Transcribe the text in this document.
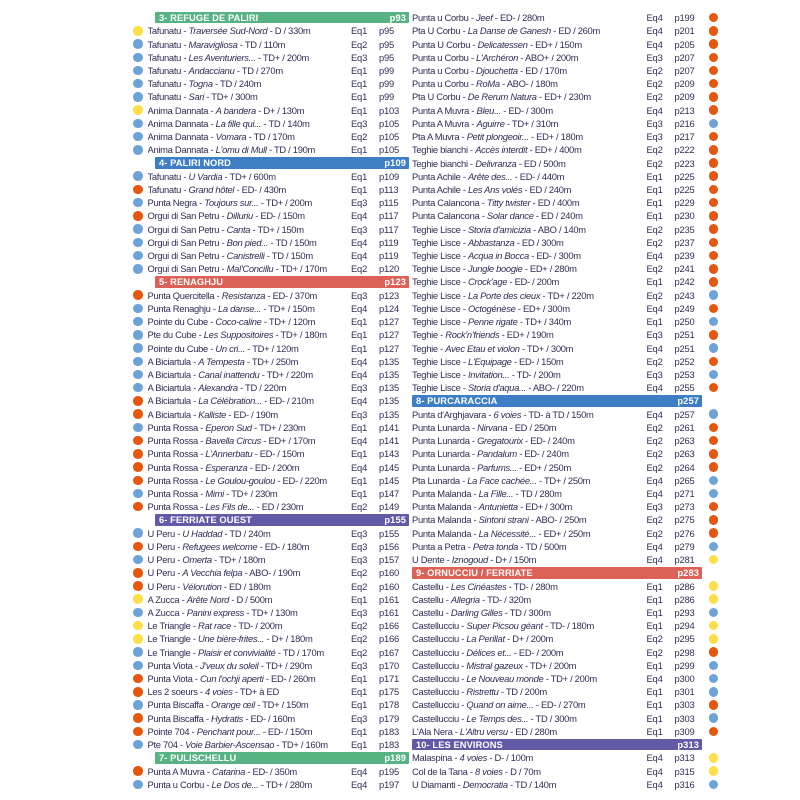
3- REFUGE DE PALIRI	p93
Tafunatu - Traversée Sud-Nord - D / 330m	Eq1	p95
Tafunatu - Maravigliosa - TD / 110m	Eq2	p95
Tafunatu - Les Aventuriers... - TD+ / 200m	Eq3	p95
Tafunatu - Andaccianu - TD / 270m	Eq1	p99
Tafunatu - Togna - TD / 240m	Eq1	p99
Tafunatu - Sari - TD+ / 300m	Eq1	p99
Anima Dannata - A bandera - D+ / 130m	Eq1	p103
Anima Dannata - La fille qui... - TD / 140m	Eq3	p105
Anima Dannata - Vomara - TD / 170m	Eq2	p105
Anima Dannata - L'omu di Mull - TD / 190m	Eq1	p105
4- PALIRI NORD	p109
Tafunatu - U Vardia - TD+ / 600m	Eq1	p109
Tafunatu - Grand hôtel - ED- / 430m	Eq1	p113
Punta Negra - Toujours sur... - TD+ / 200m	Eq3	p115
Orgui di San Petru - Dilluriu - ED- / 150m	Eq4	p117
Orgui di San Petru - Canta - TD+ / 150m	Eq3	p117
Orgui di San Petru - Bon pied... - TD / 150m	Eq4	p119
Orgui di San Petru - Canistrelli - TD / 150m	Eq4	p119
Orgui di San Petru - Mal'Concillu - TD+ / 170m	Eq2	p120
5- RENAGHJU	p123
Punta Quercitella - Resistanza - ED- / 370m	Eq3	p123
Punta Renaghju - La danse... - TD+ / 150m	Eq4	p124
Pointe du Cube - Coco-caline - TD+ / 120m	Eq1	p127
Pte du Cube - Les Suppositoires - TD+ / 180m	Eq1	p127
Pointe du Cube - Un cri... - TD+ / 120m	Eq1	p127
A Biciartula - A Tempesta - TD+ / 250m	Eq4	p135
A Biciartula - Canal inattendu - TD+ / 220m	Eq4	p135
A Biciartula - Alexandra - TD / 220m	Eq3	p135
A Biciartula - La Célébration... - ED- / 210m	Eq4	p135
A Biciartula - Kalliste - ED- / 190m	Eq3	p135
Punta Rossa - Eperon Sud - TD+ / 230m	Eq1	p141
Punta Rossa - Bavella Circus - ED+ / 170m	Eq4	p141
Punta Rossa - L'Annerbatu - ED- / 150m	Eq1	p143
Punta Rossa - Esperanza - ED- / 200m	Eq4	p145
Punta Rossa - Le Goulou-goulou - ED- / 220m	Eq1	p145
Punta Rossa - Mimi - TD+ / 230m	Eq1	p147
Punta Rossa - Les Fils de... - ED / 230m	Eq2	p149
6- FERRIATE OUEST	p155
U Peru - U Haddad - TD / 240m	Eq3	p155
U Peru - Refugees welcome - ED- / 180m	Eq3	p156
U Peru - Omerta - TD+ / 180m	Eq3	p157
U Peru - A Vecchia felpa - ABO- / 190m	Eq2	p160
U Peru - Vélorution - ED / 180m	Eq2	p160
A Zucca - Arête Nord - D / 500m	Eq1	p161
A Zucca - Panini express - TD+ / 130m	Eq3	p161
Le Triangle - Rat race - TD- / 200m	Eq2	p166
Le Triangle - Une bière-frites... - D+ / 180m	Eq2	p166
Le Triangle - Plaisir et convivialité - TD / 170m	Eq2	p167
Punta Viota - J'veux du soleil - TD+ / 290m	Eq3	p170
Punta Viota - Cun l'ochji aperti - ED- / 260m	Eq1	p171
Les 2 soeurs - 4 voies - TD+ à ED	Eq1	p175
Punta Biscaffa - Orange œil - TD+ / 150m	Eq1	p178
Punta Biscaffa - Hydratis - ED- / 160m	Eq3	p179
Pointe 704 - Penchant pour... - ED- / 150m	Eq1	p183
Pte 704 - Voie Barbier-Ascensao - TD+ / 160m	Eq1	p183
7- PULISCHELLU	p189
Punta A Muvra - Catarina - ED- / 350m	Eq4	p195
Punta u Corbu - Le Dos de... - TD+ / 280m	Eq4	p197
Punta u Corbu - Jeef - ED- / 280m	Eq4	p199
Pta U Corbu - La Danse de Ganesh - ED / 260m	Eq4	p201
Punta U Corbu - Delicatessen - ED+ / 150m	Eq4	p205
Punta u Corbu - L'Archéron - ABO+ / 200m	Eq3	p207
Punta u Corbu - Djouchetta - ED / 170m	Eq2	p207
Punta u Corbu - RoMa - ABO- / 180m	Eq2	p209
Pta U Corbu - De Rerum Natura - ED+ / 230m	Eq2	p209
Punta A Muvra - Bleu... - ED- / 300m	Eq4	p213
Punta A Muvra - Aguirre - TD+ / 310m	Eq3	p216
Pta A Muvra - Petit plongeoir... - ED+ / 180m	Eq3	p217
Teghie bianchi - Accès interdit - ED+ / 400m	Eq2	p222
Teghie bianchi - Delivranza - ED / 500m	Eq2	p223
Punta Achile - Arête des... - ED- / 440m	Eq1	p225
Punta Achile - Les Ans volés - ED / 240m	Eq1	p225
Punta Calancona - Titty twister - ED / 400m	Eq1	p229
Punta Calancona - Solar dance - ED / 240m	Eq1	p230
Teghie Lisce - Storia d'amicizia - ABO / 140m	Eq2	p235
Teghie Lisce - Abbastanza - ED / 300m	Eq2	p237
Teghie Lisce - Acqua in Bocca - ED- / 300m	Eq4	p239
Teghie Lisce - Jungle boogie - ED+ / 280m	Eq2	p241
Teghie Lisce - Crock'age - ED- / 200m	Eq1	p242
Teghie Lisce - La Porte des cieux - TD+ / 220m	Eq2	p243
Teghie Lisce - Octogénèse - ED+ / 300m	Eq4	p249
Teghie Lisce - Penne rigate - TD+ / 340m	Eq1	p250
Teghie - Rock'n'friends - ED+ / 190m	Eq3	p251
Teghie - Avec Etau et violon - TD+ / 300m	Eq4	p251
Teghie Lisce - L'Equipage - ED- / 150m	Eq2	p252
Teghie Lisce - Invitation... - TD- / 200m	Eq3	p253
Teghie Lisce - Storia d'aqua... - ABO- / 220m	Eq4	p255
8- PURCARACCIA	p257
Punta d'Arghjavara - 6 voies - TD- à TD / 150m	Eq4	p257
Punta Lunarda - Nirvana - ED / 250m	Eq2	p261
Punta Lunarda - Gregatourix - ED- / 240m	Eq2	p263
Punta Lunarda - Pandalum - ED- / 240m	Eq2	p263
Punta Lunarda - Parfums... - ED+ / 250m	Eq2	p264
Pta Lunarda - La Face cachée... - TD+ / 250m	Eq4	p265
Punta Malanda - La Fille... - TD / 280m	Eq4	p271
Punta Malanda - Antunietta - ED+ / 300m	Eq3	p273
Punta Malanda - Sintoni strani - ABO- / 250m	Eq2	p275
Punta Malanda - La Nécessité... - ED+ / 250m	Eq2	p276
Punta a Petra - Petra tonda - TD / 500m	Eq4	p279
U Dente - Iznogoud - D+ / 150m	Eq4	p281
9- ORNUCCIU / FERRIATE	p283
Castellu - Les Cinéastes - TD- / 280m	Eq1	p286
Castellu - Allegria - TD- / 320m	Eq1	p286
Castellu - Darling Gilles - TD / 300m	Eq1	p293
Castellucciu - Super Picsou géant - TD- / 180m	Eq1	p294
Castellucciu - La Perillat - D+ / 200m	Eq2	p295
Castellucciu - Délices et... - ED- / 200m	Eq2	p298
Castellucciu - Mistral gazeux - TD+ / 200m	Eq1	p299
Castellucciu - Le Nouveau monde - TD+ / 200m	Eq4	p300
Castellucciu - Ristrettu - TD / 200m	Eq1	p301
Castellucciu - Quand on aime... - ED- / 270m	Eq1	p303
Castellucciu - Le Temps des... - TD / 300m	Eq1	p303
L'Ala Nera - L'Altru versu - ED / 280m	Eq1	p309
10- LES ENVIRONS	p313
Malaspina - 4 voies - D- / 100m	Eq4	p313
Col de la Tana - 8 voies - D / 70m	Eq4	p315
U Diamanti - Democratia - TD / 140m	Eq4	p316
